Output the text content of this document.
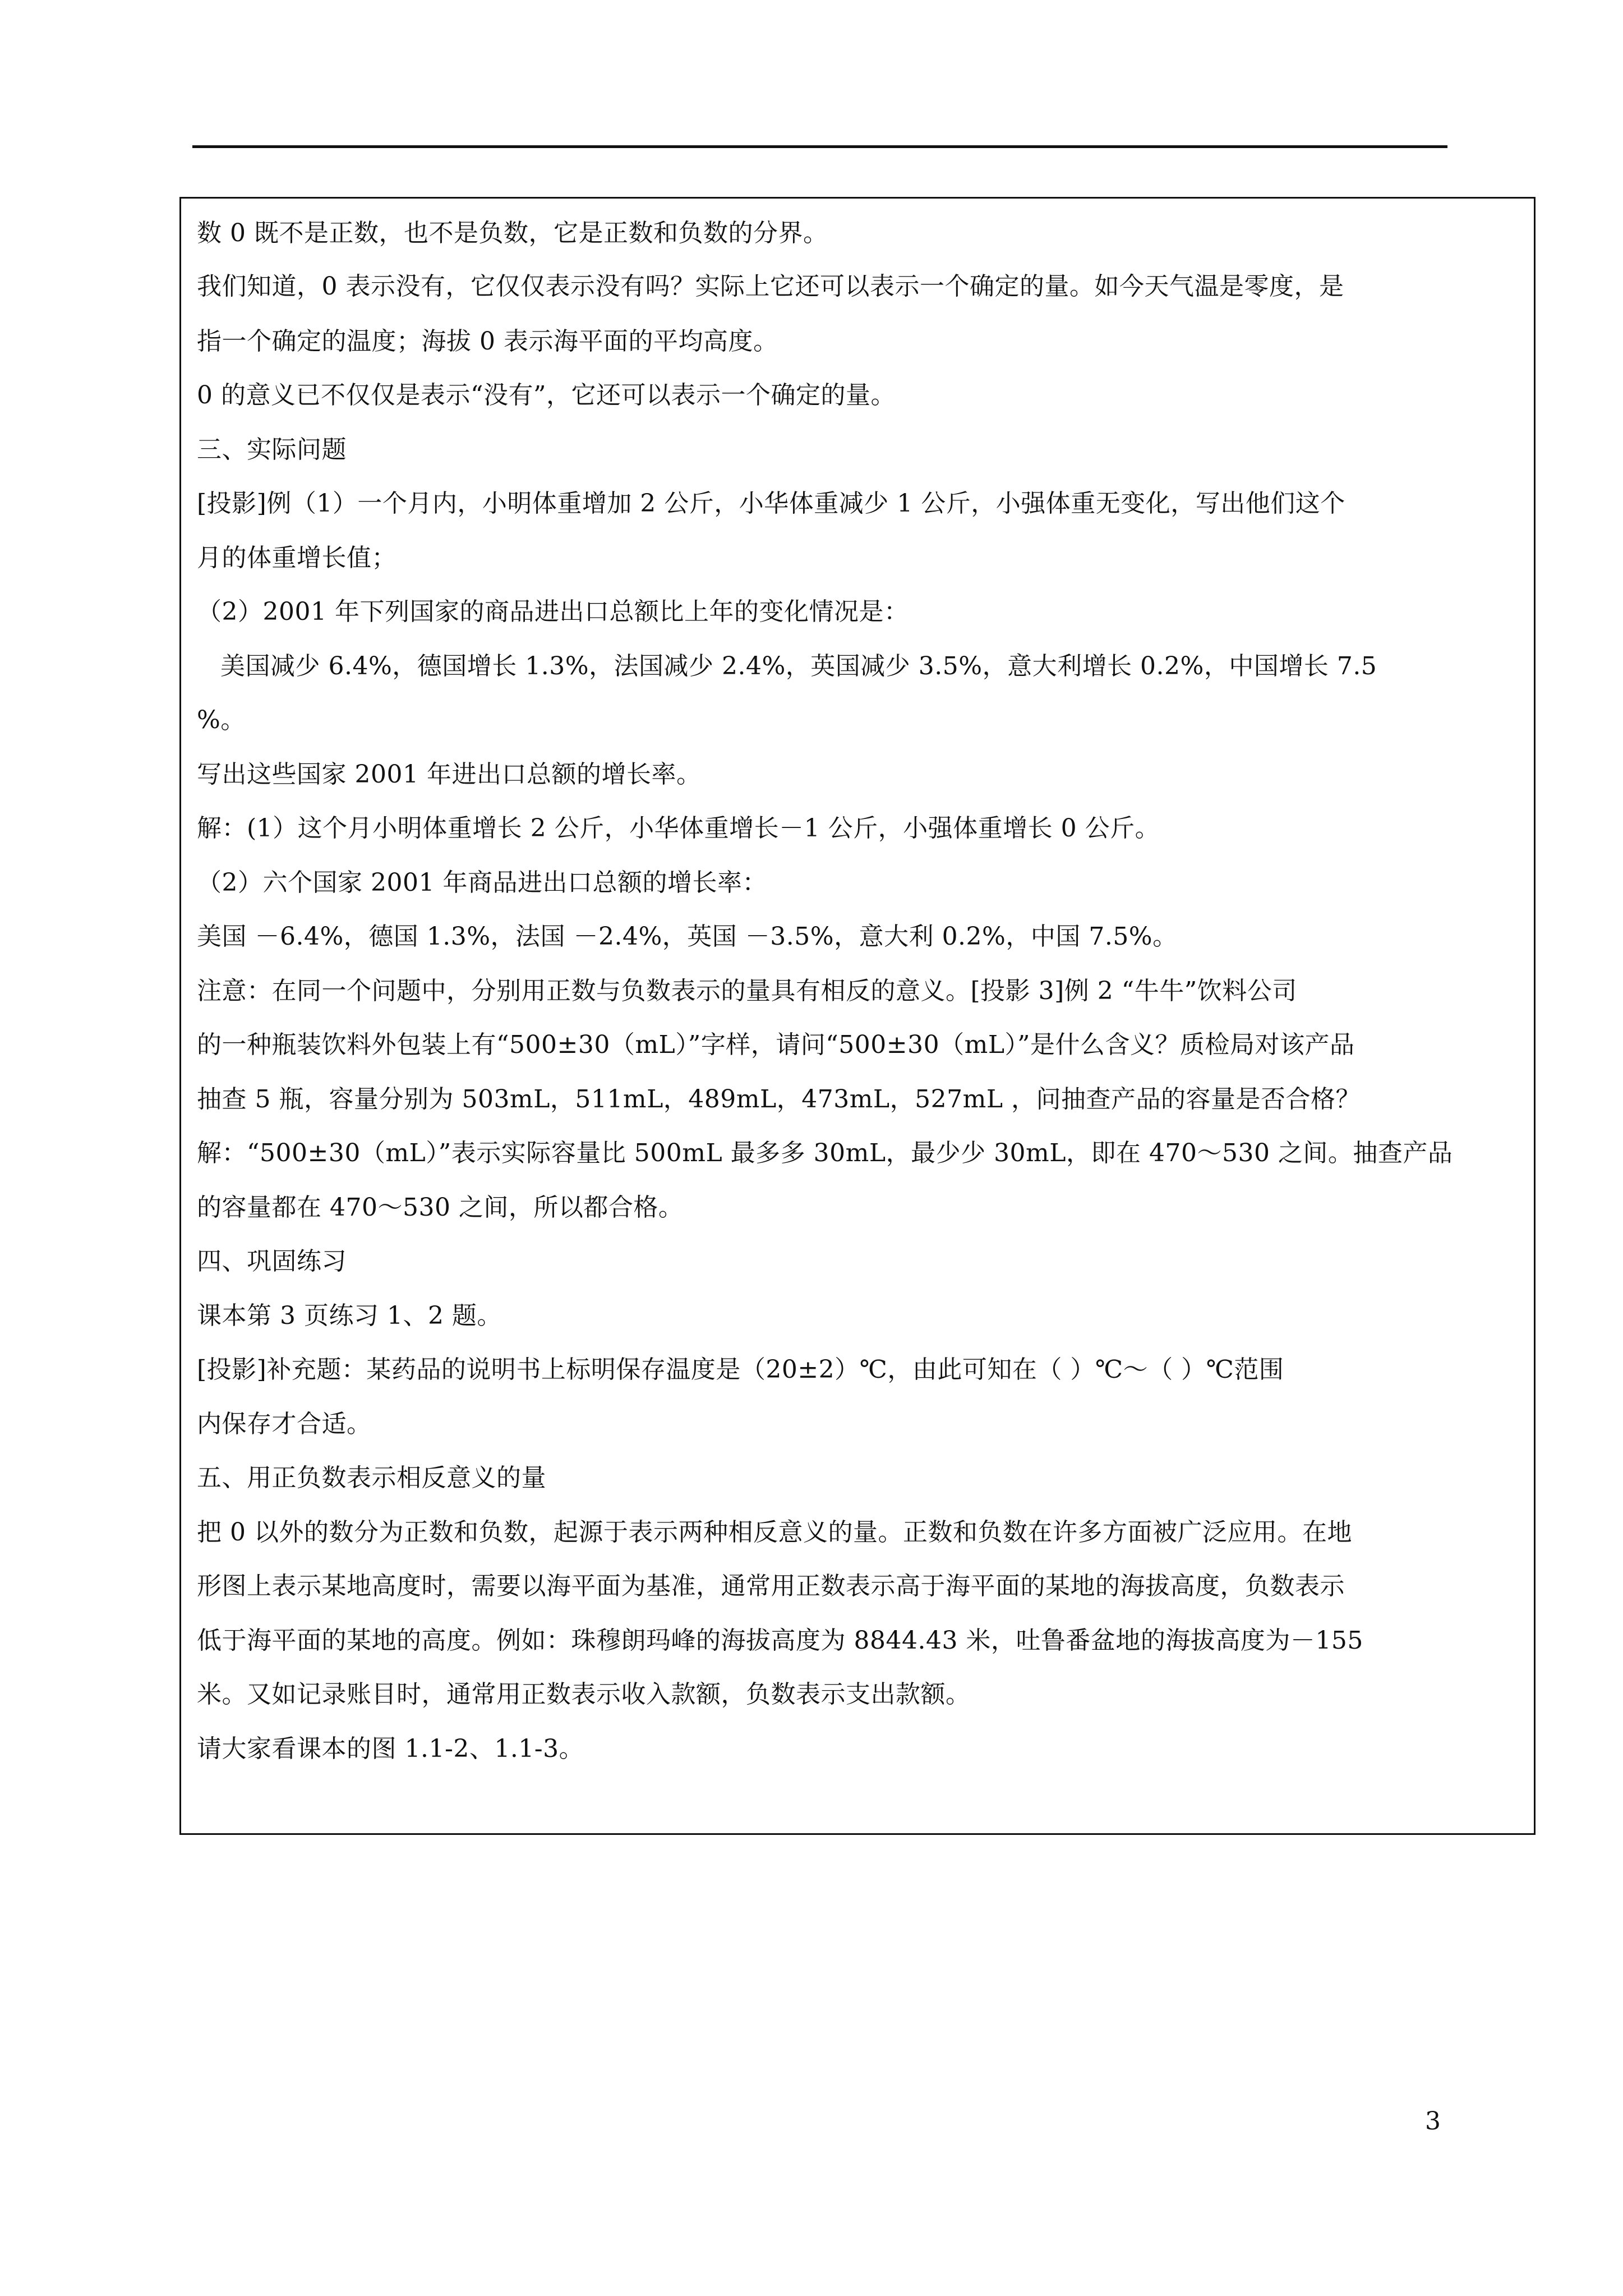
数 0 既不是正数，也不是负数，它是正数和负数的分界。
我们知道，0 表示没有，它仅仅表示没有吗？实际上它还可以表示一个确定的量。如今天气温是零度，是
指一个确定的温度；海拔 0 表示海平面的平均高度。
0 的意义已不仅仅是表示“没有”，它还可以表示一个确定的量。
三、实际问题
[投影]例（1）一个月内，小明体重增加 2 公斤，小华体重减少 1 公斤，小强体重无变化，写出他们这个
月的体重增长值；
（2）2001 年下列国家的商品进出口总额比上年的变化情况是：
美国减少 6.4%，德国增长 1.3%，法国减少 2.4%，英国减少 3.5%，意大利增长 0.2%，中国增长 7.5
%。
写出这些国家 2001 年进出口总额的增长率。
解：(1）这个月小明体重增长 2 公斤，小华体重增长－1 公斤，小强体重增长 0 公斤。
（2）六个国家 2001 年商品进出口总额的增长率：
美国 －6.4%，德国 1.3%，法国 －2.4%，英国 －3.5%，意大利 0.2%，中国 7.5%。
注意：在同一个问题中，分别用正数与负数表示的量具有相反的意义。[投影 3]例 2 “牛牛”饮料公司
的一种瓶装饮料外包装上有“500±30（mL）”字样，请问“500±30（mL）”是什么含义？质检局对该产品
抽查 5 瓶，容量分别为 503mL，511mL，489mL，473mL，527mL ，问抽查产品的容量是否合格？
解：“500±30（mL）”表示实际容量比 500mL 最多多 30mL，最少少 30mL，即在 470～530 之间。抽查产品
的容量都在 470～530 之间，所以都合格。
四、巩固练习
课本第 3 页练习 1、2 题。
[投影]补充题：某药品的说明书上标明保存温度是（20±2）℃，由此可知在（ ）℃～（ ）℃范围
内保存才合适。
五、用正负数表示相反意义的量
把 0 以外的数分为正数和负数，起源于表示两种相反意义的量。正数和负数在许多方面被广泛应用。在地
形图上表示某地高度时，需要以海平面为基准，通常用正数表示高于海平面的某地的海拔高度，负数表示
低于海平面的某地的高度。例如：珠穆朗玛峰的海拔高度为 8844.43 米，吐鲁番盆地的海拔高度为－155
米。又如记录账目时，通常用正数表示收入款额，负数表示支出款额。
请大家看课本的图 1.1-2、1.1-3。
3
